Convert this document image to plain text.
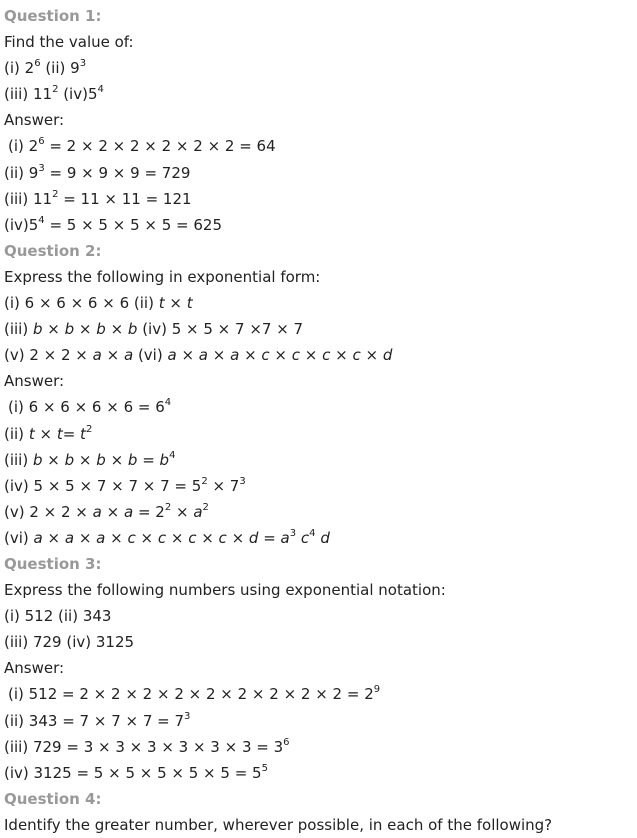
Question 1:
Find the value of:
(i) $2^6$ (ii) $9^3$
(iii) $11^2$ $(iv)5^4$
Answer:
(i) $2^6 = 2 \times 2 \times 2 \times 2 \times 2 \times 2 = 64$
(ii) $9^3 = 9 \times 9 \times 9 = 729$
(iii) $11^2 = 11 \times 11 = 121$
$(iv)5^4 = 5 \times 5 \times 5 \times 5 = 625$
Question 2:
Express the following in exponential form:
(i) 6 × 6 × 6 × 6 (ii) t × t
(iii) b × b × b × b (iv) 5 × 5 × 7 ×7 × 7
(v) 2 × 2 × a × a (vi) a × a × a × c × c × c × c × d
Answer:
(i) $6 \times 6 \times 6 \times 6 = 6^4$
(ii) $t \times t= t^2$
(iii) $b \times b \times b \times b = b^4$
(iv) $5 \times 5 \times 7 \times 7 \times 7 = 5^2 \times 7^3$
(v) $2 \times 2 \times a \times a = 2^2 \times a^2$
(vi) $a \times a \times a \times c \times c \times c \times c \times d = a^3$ $c^4$ d
Question 3:
Express the following numbers using exponential notation:
(i) 512 (ii) 343
(iii) 729 (iv) 3125
Answer:
(i) $512 = 2 \times 2 \times 2 \times 2 \times 2 \times 2 \times 2 \times 2 \times 2 = 2^9$
(ii) $343 = 7 \times 7 \times 7 = 7^3$
(iii) $729 = 3 \times 3 \times 3 \times 3 \times 3 \times 3 = 3^6$
(iv) $3125 = 5 \times 5 \times 5 \times 5 \times 5 = 5^5$
Question 4:
Identify the greater number, wherever possible, in each of the following?
